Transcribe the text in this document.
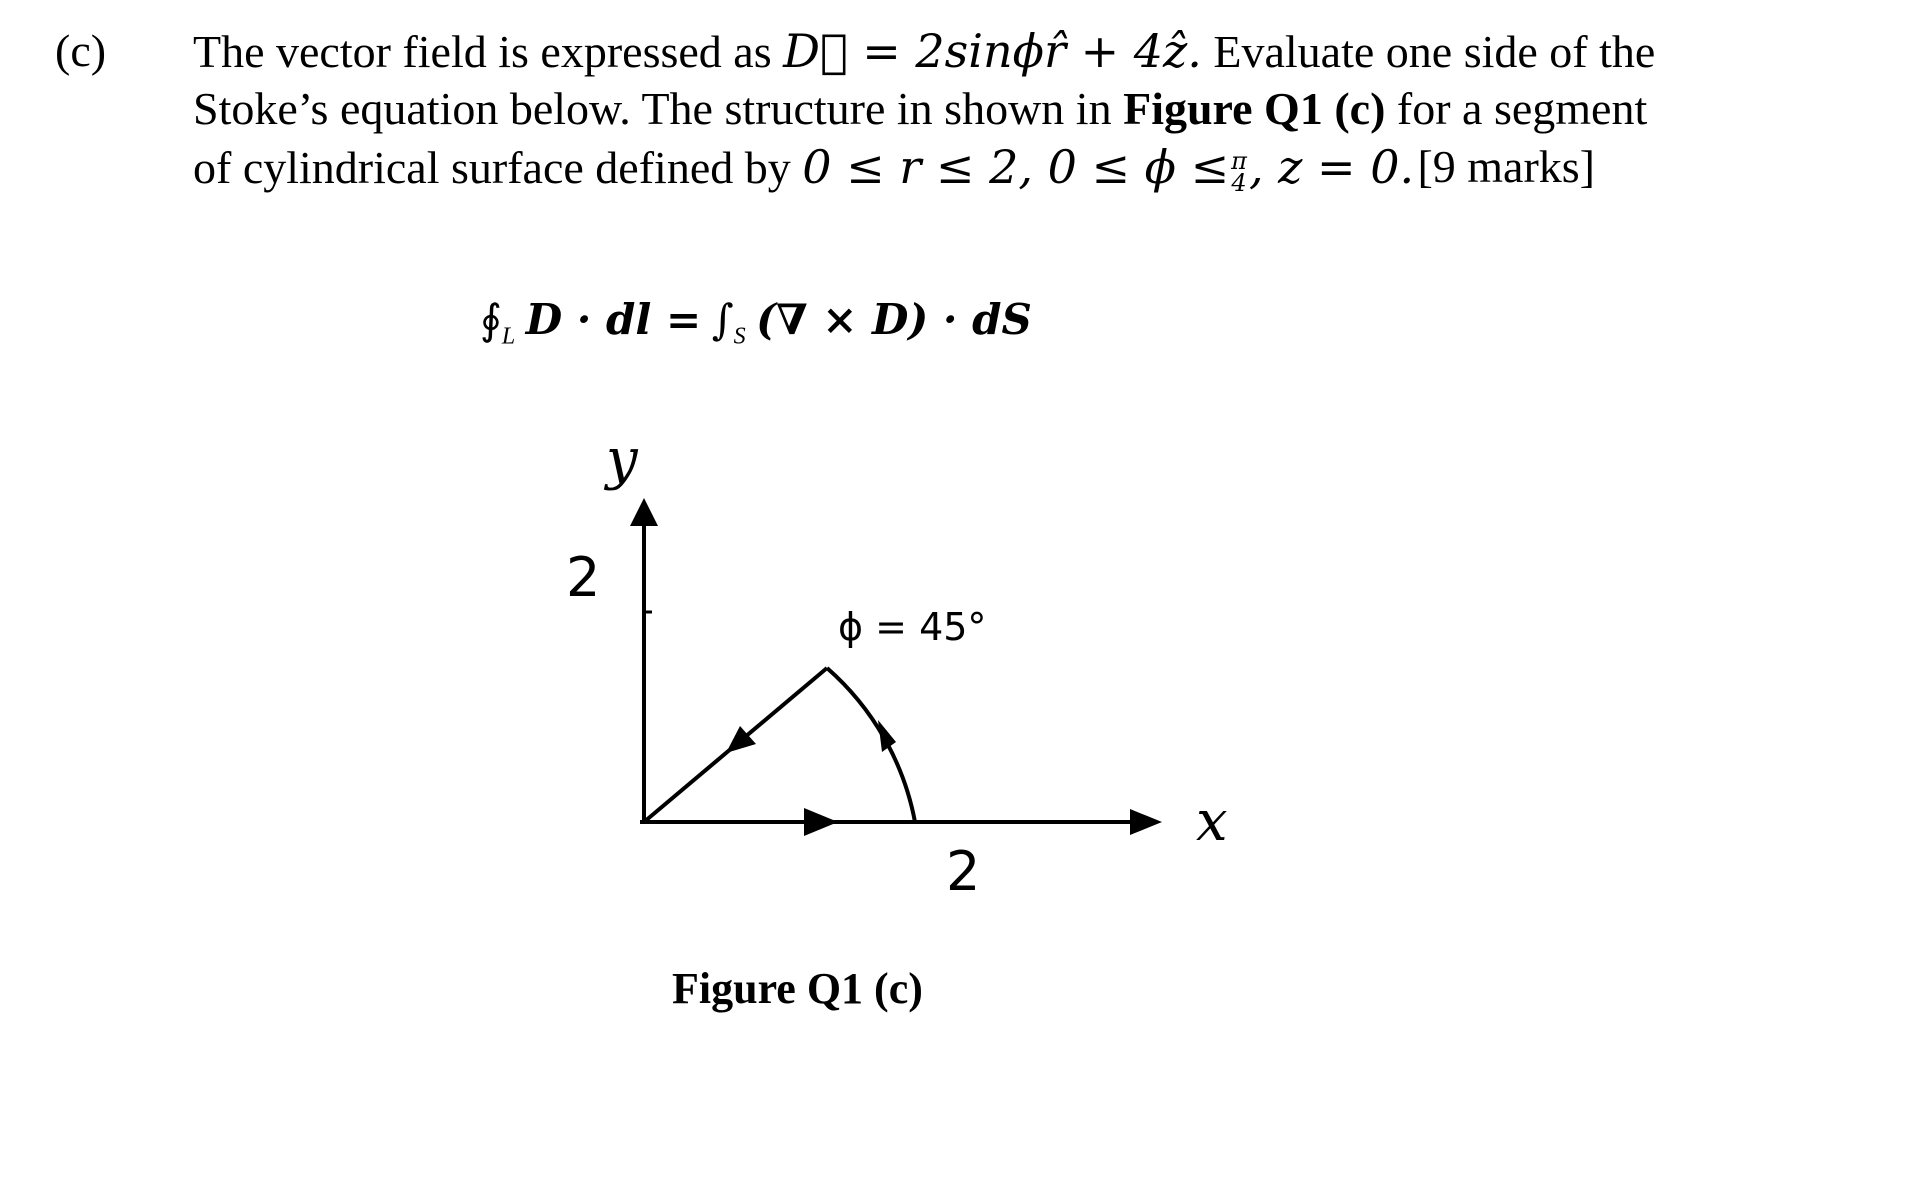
(c) The vector field is expressed as D⃗ = 2sinϕr̂ + 4ẑ. Evaluate one side of the
Stoke’s equation below. The structure in shown in Figure Q1 (c) for a segment
of cylindrical surface defined by 0 ≤ r ≤ 2, 0 ≤ ϕ ≤ π
4 , z = 0. [9 marks]
$∮_L$ D · dl = $\int_S$ (∇ × D) · dS
y
x
2
2
ϕ = 45°
Figure Q1 (c)
